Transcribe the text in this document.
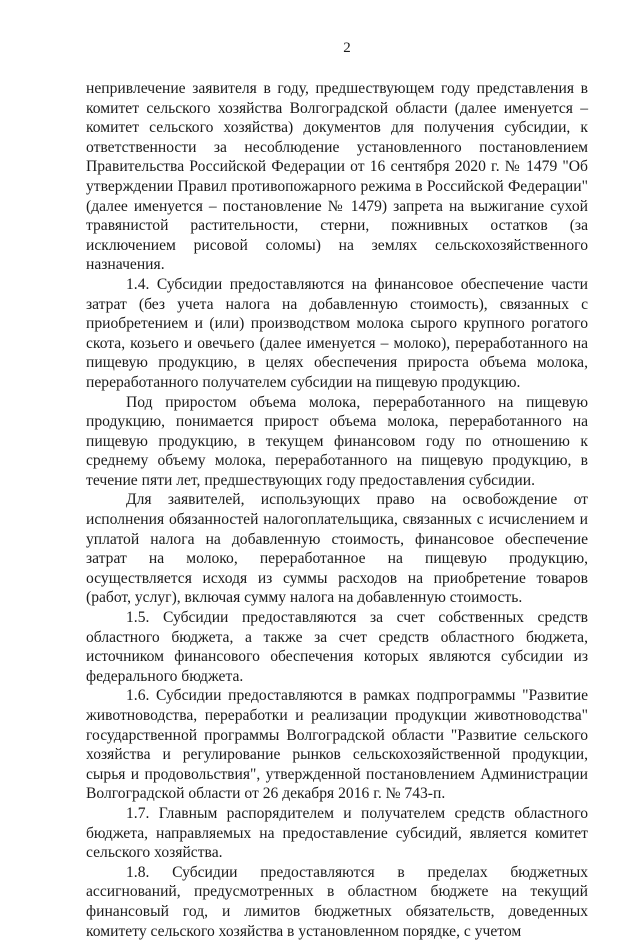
2

непривлечение заявителя в году, предшествующем году представления в комитет сельского хозяйства Волгоградской области (далее именуется – комитет сельского хозяйства) документов для получения субсидии, к ответственности за несоблюдение установленного постановлением Правительства Российской Федерации от 16 сентября 2020 г. № 1479 "Об утверждении Правил противопожарного режима в Российской Федерации" (далее именуется – постановление № 1479) запрета на выжигание сухой травянистой растительности, стерни, пожнивных остатков (за исключением рисовой соломы) на землях сельскохозяйственного назначения.

1.4. Субсидии предоставляются на финансовое обеспечение части затрат (без учета налога на добавленную стоимость), связанных с приобретением и (или) производством молока сырого крупного рогатого скота, козьего и овечьего (далее именуется – молоко), переработанного на пищевую продукцию, в целях обеспечения прироста объема молока, переработанного получателем субсидии на пищевую продукцию.

Под приростом объема молока, переработанного на пищевую продукцию, понимается прирост объема молока, переработанного на пищевую продукцию, в текущем финансовом году по отношению к среднему объему молока, переработанного на пищевую продукцию, в течение пяти лет, предшествующих году предоставления субсидии.

Для заявителей, использующих право на освобождение от исполнения обязанностей налогоплательщика, связанных с исчислением и уплатой налога на добавленную стоимость, финансовое обеспечение затрат на молоко, переработанное на пищевую продукцию, осуществляется исходя из суммы расходов на приобретение товаров (работ, услуг), включая сумму налога на добавленную стоимость.

1.5. Субсидии предоставляются за счет собственных средств областного бюджета, а также за счет средств областного бюджета, источником финансового обеспечения которых являются субсидии из федерального бюджета.

1.6. Субсидии предоставляются в рамках подпрограммы "Развитие животноводства, переработки и реализации продукции животноводства" государственной программы Волгоградской области "Развитие сельского хозяйства и регулирование рынков сельскохозяйственной продукции, сырья и продовольствия", утвержденной постановлением Администрации Волгоградской области от 26 декабря 2016 г. № 743-п.

1.7. Главным распорядителем и получателем средств областного бюджета, направляемых на предоставление субсидий, является комитет сельского хозяйства.

1.8. Субсидии предоставляются в пределах бюджетных ассигнований, предусмотренных в областном бюджете на текущий финансовый год, и лимитов бюджетных обязательств, доведенных комитету сельского хозяйства в установленном порядке, с учетом
